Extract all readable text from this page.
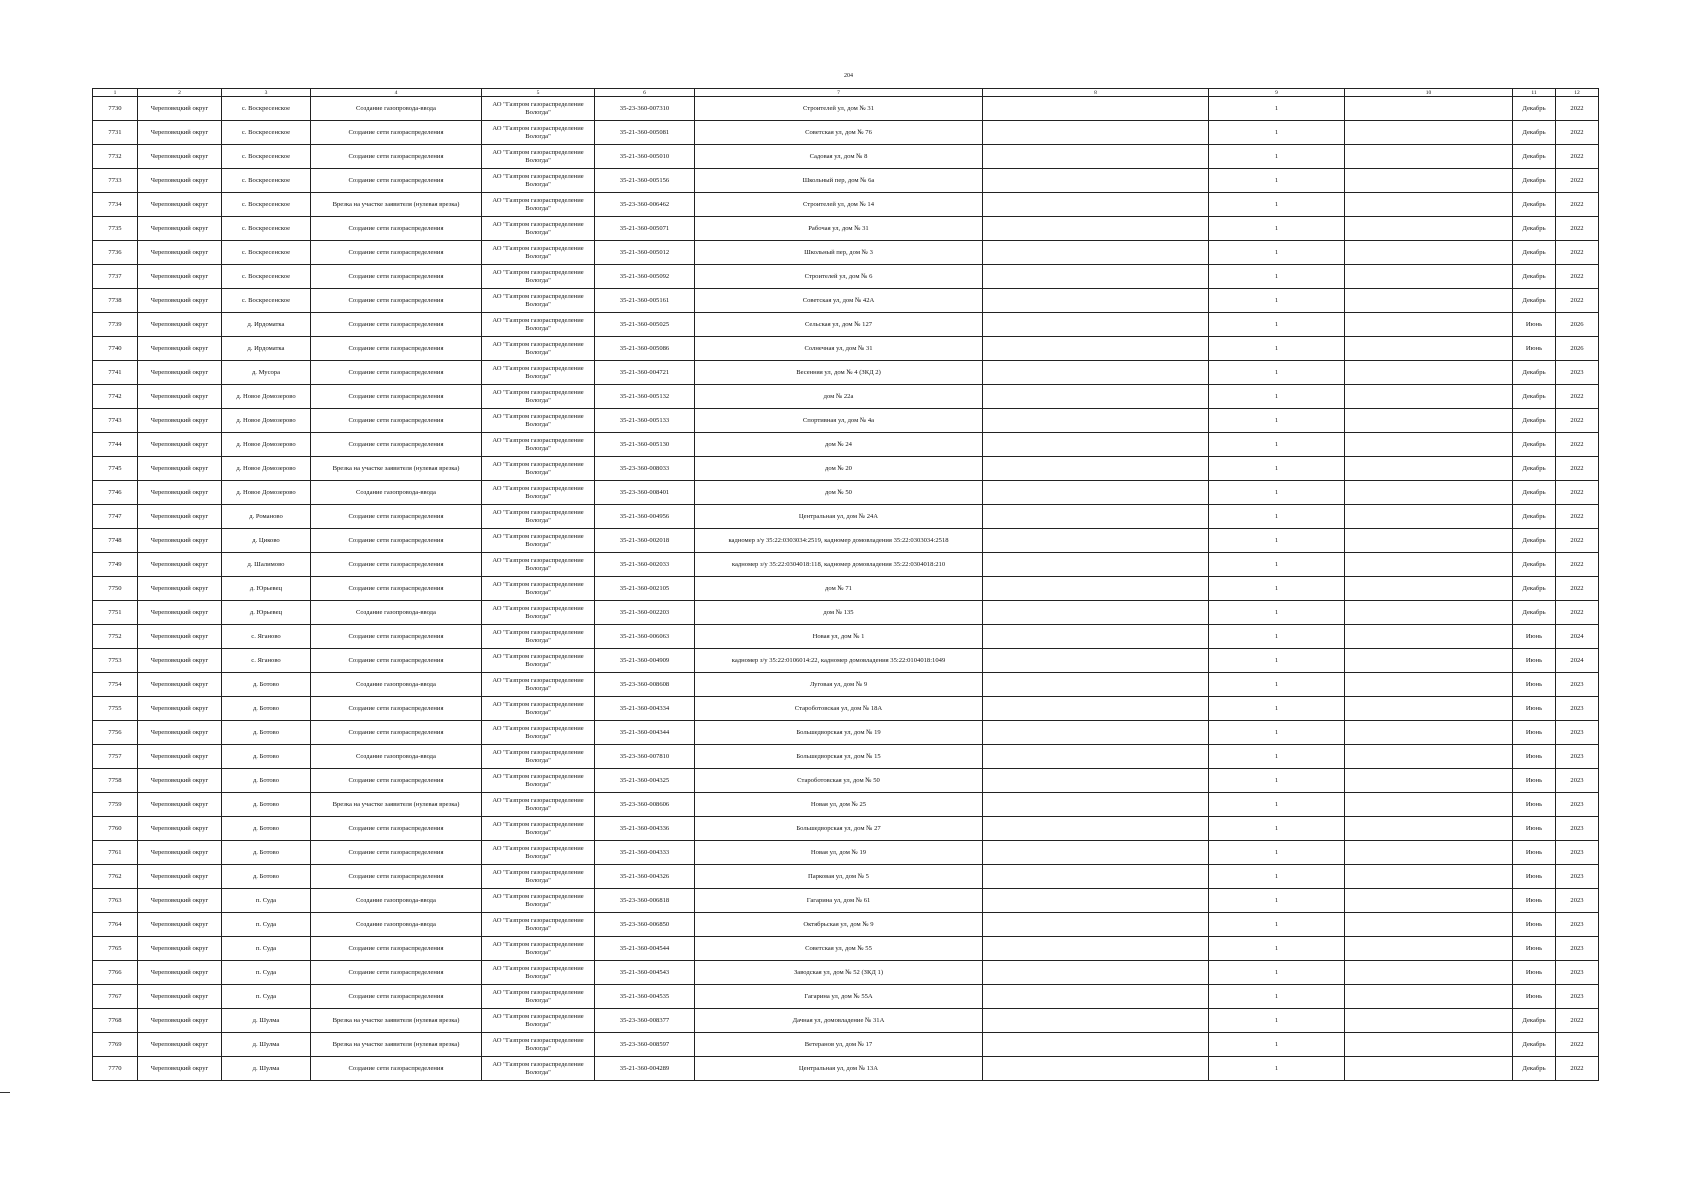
204
1	2	3	4	5	6	7	8	9	10	11	12
7730	Череповецкий округ	с. Воскресенское	Создание газопровода-ввода	АО "Газпром газораспределение Вологда"	35-23-360-007310	Строителей ул, дом № 31		1		Декабрь	2022
7731	Череповецкий округ	с. Воскресенское	Создание сети газораспределения	АО "Газпром газораспределение Вологда"	35-21-360-005081	Советская ул, дом № 76		1		Декабрь	2022
7732	Череповецкий округ	с. Воскресенское	Создание сети газораспределения	АО "Газпром газораспределение Вологда"	35-21-360-005010	Садовая ул, дом № 8		1		Декабрь	2022
7733	Череповецкий округ	с. Воскресенское	Создание сети газораспределения	АО "Газпром газораспределение Вологда"	35-21-360-005156	Школьный пер, дом № 6а		1		Декабрь	2022
7734	Череповецкий округ	с. Воскресенское	Врезка на участке заявителя (нулевая врезка)	АО "Газпром газораспределение Вологда"	35-23-360-006462	Строителей ул, дом № 14		1		Декабрь	2022
7735	Череповецкий округ	с. Воскресенское	Создание сети газораспределения	АО "Газпром газораспределение Вологда"	35-21-360-005071	Рабочая ул, дом № 31		1		Декабрь	2022
7736	Череповецкий округ	с. Воскресенское	Создание сети газораспределения	АО "Газпром газораспределение Вологда"	35-21-360-005012	Школьный пер, дом № 3		1		Декабрь	2022
7737	Череповецкий округ	с. Воскресенское	Создание сети газораспределения	АО "Газпром газораспределение Вологда"	35-21-360-005092	Строителей ул, дом № 6		1		Декабрь	2022
7738	Череповецкий округ	с. Воскресенское	Создание сети газораспределения	АО "Газпром газораспределение Вологда"	35-21-360-005161	Советская ул, дом № 42А		1		Декабрь	2022
7739	Череповецкий округ	д. Ирдоматка	Создание сети газораспределения	АО "Газпром газораспределение Вологда"	35-21-360-005025	Сельская ул, дом № 127		1		Июнь	2026
7740	Череповецкий округ	д. Ирдоматка	Создание сети газораспределения	АО "Газпром газораспределение Вологда"	35-21-360-005086	Солнечная ул, дом № 31		1		Июнь	2026
7741	Череповецкий округ	д. Мусора	Создание сети газораспределения	АО "Газпром газораспределение Вологда"	35-21-360-004721	Весенняя ул, дом № 4 (ЗКД 2)		1		Декабрь	2023
7742	Череповецкий округ	д. Новое Домозерово	Создание сети газораспределения	АО "Газпром газораспределение Вологда"	35-21-360-005132	дом № 22а		1		Декабрь	2022
7743	Череповецкий округ	д. Новое Домозерово	Создание сети газораспределения	АО "Газпром газораспределение Вологда"	35-21-360-005133	Спортивная ул, дом № 4а		1		Декабрь	2022
7744	Череповецкий округ	д. Новое Домозерово	Создание сети газораспределения	АО "Газпром газораспределение Вологда"	35-21-360-005130	дом № 24		1		Декабрь	2022
7745	Череповецкий округ	д. Новое Домозерово	Врезка на участке заявителя (нулевая врезка)	АО "Газпром газораспределение Вологда"	35-23-360-008033	дом № 20		1		Декабрь	2022
7746	Череповецкий округ	д. Новое Домозерово	Создание газопровода-ввода	АО "Газпром газораспределение Вологда"	35-23-360-008401	дом № 50		1		Декабрь	2022
7747	Череповецкий округ	д. Романово	Создание сети газораспределения	АО "Газпром газораспределение Вологда"	35-21-360-004956	Центральная ул, дом № 24А		1		Декабрь	2022
7748	Череповецкий округ	д. Циково	Создание сети газораспределения	АО "Газпром газораспределение Вологда"	35-21-360-002018	кадномер з/у 35:22:0303034:2519, кадномер домовладения 35:22:0303034:2518		1		Декабрь	2022
7749	Череповецкий округ	д. Шалимово	Создание сети газораспределения	АО "Газпром газораспределение Вологда"	35-21-360-002033	кадномер з/у 35:22:0304018:118, кадномер домовладения 35:22:0304018:210		1		Декабрь	2022
7750	Череповецкий округ	д. Юрьевец	Создание сети газораспределения	АО "Газпром газораспределение Вологда"	35-21-360-002105	дом № 71		1		Декабрь	2022
7751	Череповецкий округ	д. Юрьевец	Создание газопровода-ввода	АО "Газпром газораспределение Вологда"	35-21-360-002203	дом № 135		1		Декабрь	2022
7752	Череповецкий округ	с. Яганово	Создание сети газораспределения	АО "Газпром газораспределение Вологда"	35-21-360-006063	Новая ул, дом № 1		1		Июнь	2024
7753	Череповецкий округ	с. Яганово	Создание сети газораспределения	АО "Газпром газораспределение Вологда"	35-21-360-004909	кадномер з/у 35:22:0106014:22, кадномер домовладения 35:22:0104018:1049		1		Июнь	2024
7754	Череповецкий округ	д. Ботово	Создание газопровода-ввода	АО "Газпром газораспределение Вологда"	35-23-360-008608	Луговая ул, дом № 9		1		Июнь	2023
7755	Череповецкий округ	д. Ботово	Создание сети газораспределения	АО "Газпром газораспределение Вологда"	35-21-360-004334	Староботовская ул, дом № 18А		1		Июнь	2023
7756	Череповецкий округ	д. Ботово	Создание сети газораспределения	АО "Газпром газораспределение Вологда"	35-21-360-004344	Большедворская ул, дом № 19		1		Июнь	2023
7757	Череповецкий округ	д. Ботово	Создание газопровода-ввода	АО "Газпром газораспределение Вологда"	35-23-360-007810	Большедворская ул, дом № 15		1		Июнь	2023
7758	Череповецкий округ	д. Ботово	Создание сети газораспределения	АО "Газпром газораспределение Вологда"	35-21-360-004325	Староботовская ул, дом № 50		1		Июнь	2023
7759	Череповецкий округ	д. Ботово	Врезка на участке заявителя (нулевая врезка)	АО "Газпром газораспределение Вологда"	35-23-360-008606	Новая ул, дом № 25		1		Июнь	2023
7760	Череповецкий округ	д. Ботово	Создание сети газораспределения	АО "Газпром газораспределение Вологда"	35-21-360-004336	Большедворская ул, дом № 27		1		Июнь	2023
7761	Череповецкий округ	д. Ботово	Создание сети газораспределения	АО "Газпром газораспределение Вологда"	35-21-360-004333	Новая ул, дом № 19		1		Июнь	2023
7762	Череповецкий округ	д. Ботово	Создание сети газораспределения	АО "Газпром газораспределение Вологда"	35-21-360-004326	Парковая ул, дом № 5		1		Июнь	2023
7763	Череповецкий округ	п. Суда	Создание газопровода-ввода	АО "Газпром газораспределение Вологда"	35-23-360-006818	Гагарина ул, дом № 61		1		Июнь	2023
7764	Череповецкий округ	п. Суда	Создание газопровода-ввода	АО "Газпром газораспределение Вологда"	35-23-360-006850	Октябрьская ул, дом № 9		1		Июнь	2023
7765	Череповецкий округ	п. Суда	Создание сети газораспределения	АО "Газпром газораспределение Вологда"	35-21-360-004544	Советская ул, дом № 55		1		Июнь	2023
7766	Череповецкий округ	п. Суда	Создание сети газораспределения	АО "Газпром газораспределение Вологда"	35-21-360-004543	Заводская ул, дом № 52 (ЗКД 1)		1		Июнь	2023
7767	Череповецкий округ	п. Суда	Создание сети газораспределения	АО "Газпром газораспределение Вологда"	35-21-360-004535	Гагарина ул, дом № 55А		1		Июнь	2023
7768	Череповецкий округ	д. Шулма	Врезка на участке заявителя (нулевая врезка)	АО "Газпром газораспределение Вологда"	35-23-360-008377	Дачная ул, домовладение № 31А		1		Декабрь	2022
7769	Череповецкий округ	д. Шулма	Врезка на участке заявителя (нулевая врезка)	АО "Газпром газораспределение Вологда"	35-23-360-008597	Ветеранов ул, дом № 17		1		Декабрь	2022
7770	Череповецкий округ	д. Шулма	Создание сети газораспределения	АО "Газпром газораспределение Вологда"	35-21-360-004289	Центральная ул, дом № 13А		1		Декабрь	2022
